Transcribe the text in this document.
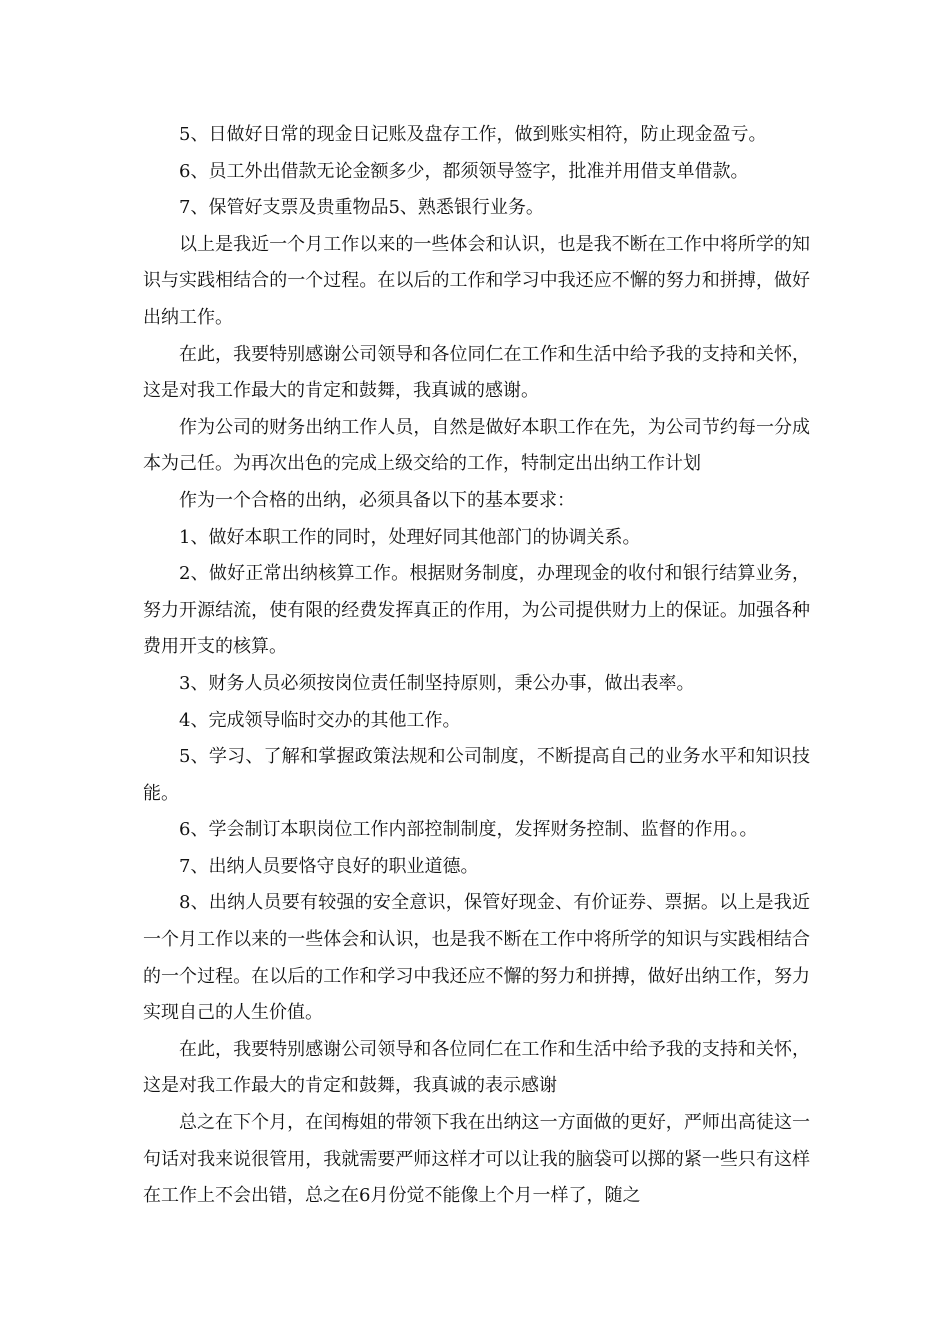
5、日做好日常的现金日记账及盘存工作，做到账实相符，防止现金盈亏。

6、员工外出借款无论金额多少，都须领导签字，批准并用借支单借款。

7、保管好支票及贵重物品5、熟悉银行业务。

以上是我近一个月工作以来的一些体会和认识，也是我不断在工作中将所学的知识与实践相结合的一个过程。在以后的工作和学习中我还应不懈的努力和拼搏，做好出纳工作。

在此，我要特别感谢公司领导和各位同仁在工作和生活中给予我的支持和关怀，这是对我工作最大的肯定和鼓舞，我真诚的感谢。

作为公司的财务出纳工作人员，自然是做好本职工作在先，为公司节约每一分成本为己任。为再次出色的完成上级交给的工作，特制定出出纳工作计划

作为一个合格的出纳，必须具备以下的基本要求：

1、做好本职工作的同时，处理好同其他部门的协调关系。

2、做好正常出纳核算工作。根据财务制度，办理现金的收付和银行结算业务，努力开源结流，使有限的经费发挥真正的作用，为公司提供财力上的保证。加强各种费用开支的核算。

3、财务人员必须按岗位责任制坚持原则，秉公办事，做出表率。

4、完成领导临时交办的其他工作。

5、学习、了解和掌握政策法规和公司制度，不断提高自己的业务水平和知识技能。

6、学会制订本职岗位工作内部控制制度，发挥财务控制、监督的作用。。

7、出纳人员要恪守良好的职业道德。

8、出纳人员要有较强的安全意识，保管好现金、有价证券、票据。以上是我近一个月工作以来的一些体会和认识，也是我不断在工作中将所学的知识与实践相结合的一个过程。在以后的工作和学习中我还应不懈的努力和拼搏，做好出纳工作，努力实现自己的人生价值。

在此，我要特别感谢公司领导和各位同仁在工作和生活中给予我的支持和关怀，这是对我工作最大的肯定和鼓舞，我真诚的表示感谢

总之在下个月，在闰梅姐的带领下我在出纳这一方面做的更好，严师出高徒这一句话对我来说很管用，我就需要严师这样才可以让我的脑袋可以掷的紧一些只有这样在工作上不会出错，总之在6月份觉不能像上个月一样了，随之
